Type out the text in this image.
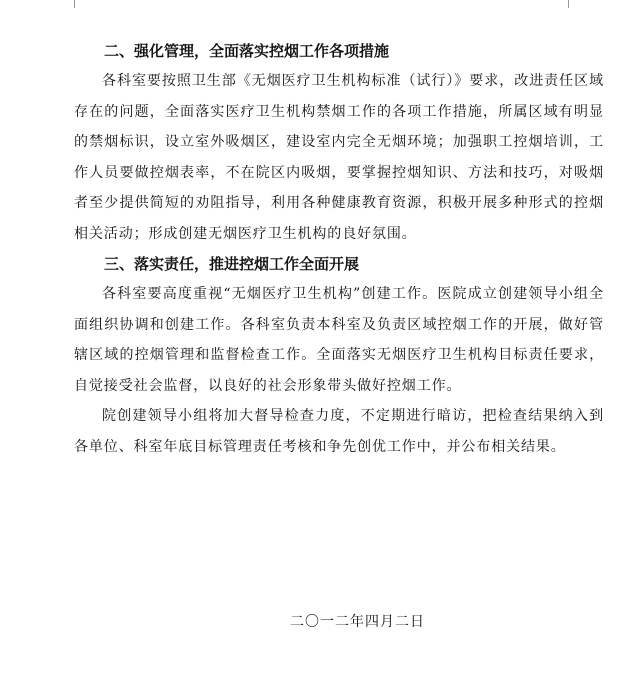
二、强化管理，全面落实控烟工作各项措施

各科室要按照卫生部《无烟医疗卫生机构标准（试行）》要求，改进责任区域存在的问题，全面落实医疗卫生机构禁烟工作的各项工作措施，所属区域有明显的禁烟标识，设立室外吸烟区，建设室内完全无烟环境；加强职工控烟培训，工作人员要做控烟表率，不在院区内吸烟，要掌握控烟知识、方法和技巧，对吸烟者至少提供简短的劝阻指导，利用各种健康教育资源，积极开展多种形式的控烟相关活动；形成创建无烟医疗卫生机构的良好氛围。

三、落实责任，推进控烟工作全面开展

各科室要高度重视“无烟医疗卫生机构”创建工作。医院成立创建领导小组全面组织协调和创建工作。各科室负责本科室及负责区域控烟工作的开展，做好管辖区域的控烟管理和监督检查工作。全面落实无烟医疗卫生机构目标责任要求，自觉接受社会监督，以良好的社会形象带头做好控烟工作。

院创建领导小组将加大督导检查力度，不定期进行暗访，把检查结果纳入到各单位、科室年底目标管理责任考核和争先创优工作中，并公布相关结果。

二〇一二年四月二日
